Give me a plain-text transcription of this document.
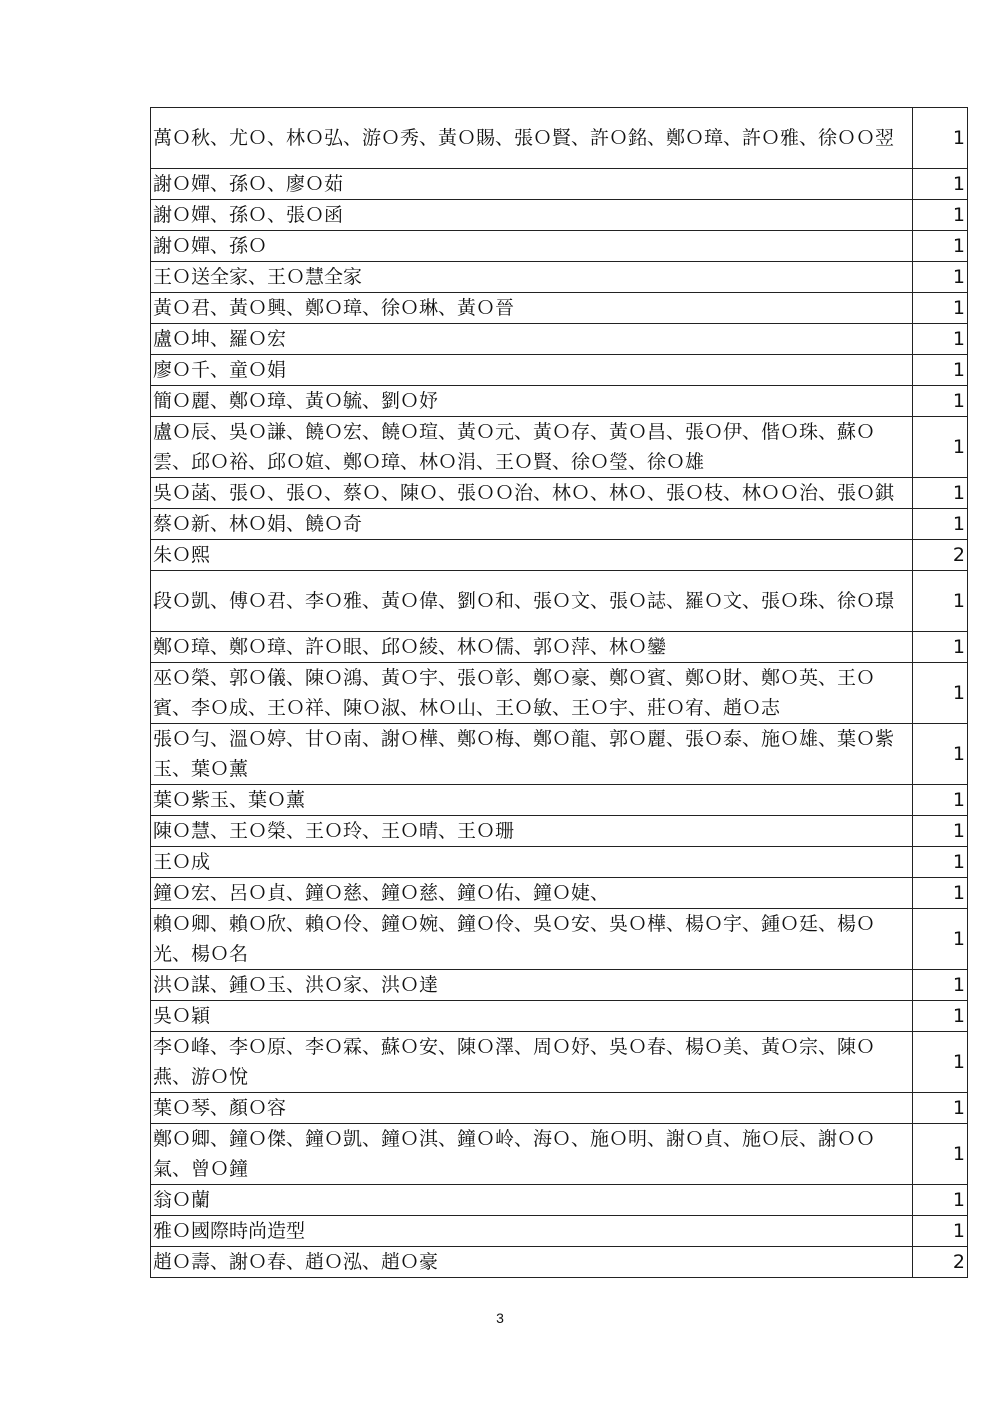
萬Ｏ秋、尤Ｏ、林Ｏ弘、游Ｏ秀、黃Ｏ賜、張Ｏ賢、許Ｏ銘、鄭Ｏ璋、許Ｏ雅、徐ＯＯ翌	1
謝Ｏ嬋、孫Ｏ、廖Ｏ茹	1
謝Ｏ嬋、孫Ｏ、張Ｏ函	1
謝Ｏ嬋、孫Ｏ	1
王Ｏ送全家、王Ｏ慧全家	1
黃Ｏ君、黃Ｏ興、鄭Ｏ璋、徐Ｏ琳、黃Ｏ晉	1
盧Ｏ坤、羅Ｏ宏	1
廖Ｏ千、童Ｏ娟	1
簡Ｏ麗、鄭Ｏ璋、黃Ｏ毓、劉Ｏ妤	1
盧Ｏ辰、吳Ｏ謙、饒Ｏ宏、饒Ｏ瑄、黃Ｏ元、黃Ｏ存、黃Ｏ昌、張Ｏ伊、偕Ｏ珠、蘇Ｏ雲、邱Ｏ裕、邱Ｏ媗、鄭Ｏ璋、林Ｏ涓、王Ｏ賢、徐Ｏ瑩、徐Ｏ雄	1
吳Ｏ菡、張Ｏ、張Ｏ、蔡Ｏ、陳Ｏ、張ＯＯ治、林Ｏ、林Ｏ、張Ｏ枝、林ＯＯ治、張Ｏ錤	1
蔡Ｏ新、林Ｏ娟、饒Ｏ奇	1
朱Ｏ熙	2
段Ｏ凱、傅Ｏ君、李Ｏ雅、黃Ｏ偉、劉Ｏ和、張Ｏ文、張Ｏ誌、羅Ｏ文、張Ｏ珠、徐Ｏ璟	1
鄭Ｏ璋、鄭Ｏ璋、許Ｏ眼、邱Ｏ綾、林Ｏ儒、郭Ｏ萍、林Ｏ鑾	1
巫Ｏ榮、郭Ｏ儀、陳Ｏ鴻、黃Ｏ宇、張Ｏ彰、鄭Ｏ豪、鄭Ｏ賓、鄭Ｏ財、鄭Ｏ英、王Ｏ賓、李Ｏ成、王Ｏ祥、陳Ｏ淑、林Ｏ山、王Ｏ敏、王Ｏ宇、莊Ｏ宥、趙Ｏ志	1
張Ｏ勻、溫Ｏ婷、甘Ｏ南、謝Ｏ樺、鄭Ｏ梅、鄭Ｏ龍、郭Ｏ麗、張Ｏ泰、施Ｏ雄、葉Ｏ紫玉、葉Ｏ薰	1
葉Ｏ紫玉、葉Ｏ薰	1
陳Ｏ慧、王Ｏ榮、王Ｏ玲、王Ｏ晴、王Ｏ珊	1
王Ｏ成	1
鐘Ｏ宏、呂Ｏ貞、鐘Ｏ慈、鐘Ｏ慈、鐘Ｏ佑、鐘Ｏ婕、	1
賴Ｏ卿、賴Ｏ欣、賴Ｏ伶、鐘Ｏ婉、鐘Ｏ伶、吳Ｏ安、吳Ｏ樺、楊Ｏ宇、鍾Ｏ廷、楊Ｏ光、楊Ｏ名	1
洪Ｏ謀、鍾Ｏ玉、洪Ｏ家、洪Ｏ達	1
吳Ｏ穎	1
李Ｏ峰、李Ｏ原、李Ｏ霖、蘇Ｏ安、陳Ｏ澤、周Ｏ妤、吳Ｏ春、楊Ｏ美、黃Ｏ宗、陳Ｏ燕、游Ｏ悅	1
葉Ｏ琴、顏Ｏ容	1
鄭Ｏ卿、鐘Ｏ傑、鐘Ｏ凱、鐘Ｏ淇、鐘Ｏ岭、海Ｏ、施Ｏ明、謝Ｏ貞、施Ｏ辰、謝ＯＯ氣、曾Ｏ鐘	1
翁Ｏ蘭	1
雅Ｏ國際時尚造型	1
趙Ｏ壽、謝Ｏ春、趙Ｏ泓、趙Ｏ豪	2
3
